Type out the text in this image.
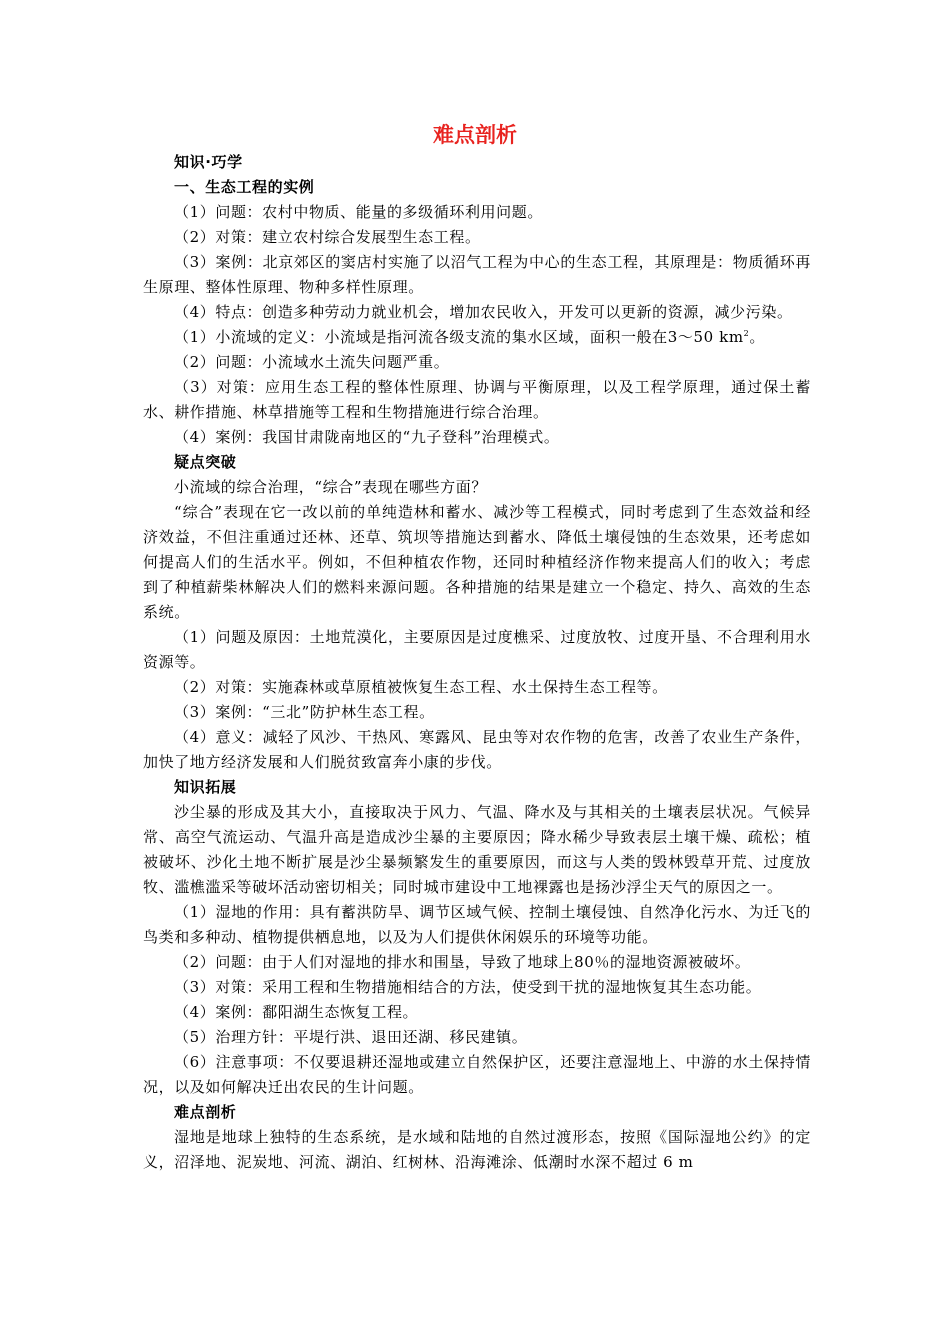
难点剖析
知识·巧学
一、生态工程的实例
（1）问题：农村中物质、能量的多级循环利用问题。
（2）对策：建立农村综合发展型生态工程。
（3）案例：北京郊区的窦店村实施了以沼气工程为中心的生态工程，其原理是：物质循环再生原理、整体性原理、物种多样性原理。
（4）特点：创造多种劳动力就业机会，增加农民收入，开发可以更新的资源，减少污染。
（1）小流域的定义：小流域是指河流各级支流的集水区域，面积一般在3～50 $km^2$。
（2）问题：小流域水土流失问题严重。
（3）对策：应用生态工程的整体性原理、协调与平衡原理，以及工程学原理，通过保土蓄水、耕作措施、林草措施等工程和生物措施进行综合治理。
（4）案例：我国甘肃陇南地区的“九子登科”治理模式。
疑点突破
小流域的综合治理，“综合”表现在哪些方面？
“综合”表现在它一改以前的单纯造林和蓄水、减沙等工程模式，同时考虑到了生态效益和经济效益，不但注重通过还林、还草、筑坝等措施达到蓄水、降低土壤侵蚀的生态效果，还考虑如何提高人们的生活水平。例如，不但种植农作物，还同时种植经济作物来提高人们的收入；考虑到了种植薪柴林解决人们的燃料来源问题。各种措施的结果是建立一个稳定、持久、高效的生态系统。
（1）问题及原因：土地荒漠化，主要原因是过度樵采、过度放牧、过度开垦、不合理利用水资源等。
（2）对策：实施森林或草原植被恢复生态工程、水土保持生态工程等。
（3）案例：“三北”防护林生态工程。
（4）意义：减轻了风沙、干热风、寒露风、昆虫等对农作物的危害，改善了农业生产条件，加快了地方经济发展和人们脱贫致富奔小康的步伐。
知识拓展
沙尘暴的形成及其大小，直接取决于风力、气温、降水及与其相关的土壤表层状况。气候异常、高空气流运动、气温升高是造成沙尘暴的主要原因；降水稀少导致表层土壤干燥、疏松；植被破坏、沙化土地不断扩展是沙尘暴频繁发生的重要原因，而这与人类的毁林毁草开荒、过度放牧、滥樵滥采等破坏活动密切相关；同时城市建设中工地裸露也是扬沙浮尘天气的原因之一。
（1）湿地的作用：具有蓄洪防旱、调节区域气候、控制土壤侵蚀、自然净化污水、为迁飞的鸟类和多种动、植物提供栖息地，以及为人们提供休闲娱乐的环境等功能。
（2）问题：由于人们对湿地的排水和围垦，导致了地球上80％的湿地资源被破坏。
（3）对策：采用工程和生物措施相结合的方法，使受到干扰的湿地恢复其生态功能。
（4）案例：鄱阳湖生态恢复工程。
（5）治理方针：平堤行洪、退田还湖、移民建镇。
（6）注意事项：不仅要退耕还湿地或建立自然保护区，还要注意湿地上、中游的水土保持情况，以及如何解决迁出农民的生计问题。
难点剖析
湿地是地球上独特的生态系统，是水域和陆地的自然过渡形态，按照《国际湿地公约》的定义，沼泽地、泥炭地、河流、湖泊、红树林、沿海滩涂、低潮时水深不超过 6 m
